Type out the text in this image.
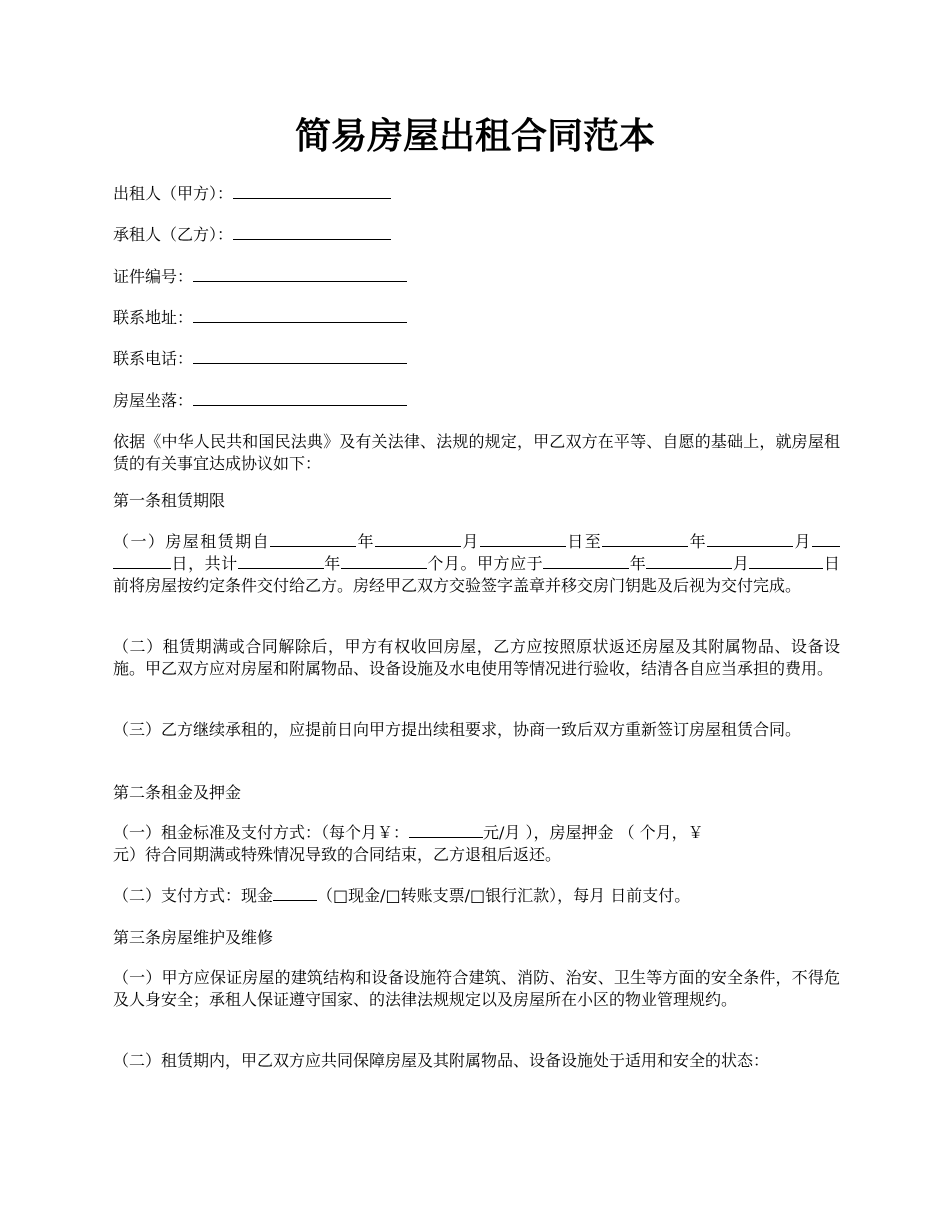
简易房屋出租合同范本
出租人（甲方）：
承租人（乙方）：
证件编号：
联系地址：
联系电话：
房屋坐落：
依据《中华人民共和国民法典》及有关法律、法规的规定，甲乙双方在平等、自愿的基础上，就房屋租赁的有关事宜达成协议如下：
第一条租赁期限
（一）房屋租赁期自	年	月	日至	年	月日，共计	年	个月。甲方应于	年	月	日前将房屋按约定条件交付给乙方。房经甲乙双方交验签字盖章并移交房门钥匙及后视为交付完成。
（二）租赁期满或合同解除后，甲方有权收回房屋，乙方应按照原状返还房屋及其附属物品、设备设施。甲乙双方应对房屋和附属物品、设备设施及水电使用等情况进行验收，结清各自应当承担的费用。
（三）乙方继续承租的，应提前日向甲方提出续租要求，协商一致后双方重新签订房屋租赁合同。
第二条租金及押金
（一）租金标准及支付方式：（每个月￥：	元/月 ），房屋押金 （ 个月，￥
元）待合同期满或特殊情况导致的合同结束，乙方退租后返还。
（二）支付方式：现金	（□现金/□转账支票/□银行汇款），每月 日前支付。
第三条房屋维护及维修
（一）甲方应保证房屋的建筑结构和设备设施符合建筑、消防、治安、卫生等方面的安全条件，不得危及人身安全；承租人保证遵守国家、的法律法规规定以及房屋所在小区的物业管理规约。
（二）租赁期内，甲乙双方应共同保障房屋及其附属物品、设备设施处于适用和安全的状态：
